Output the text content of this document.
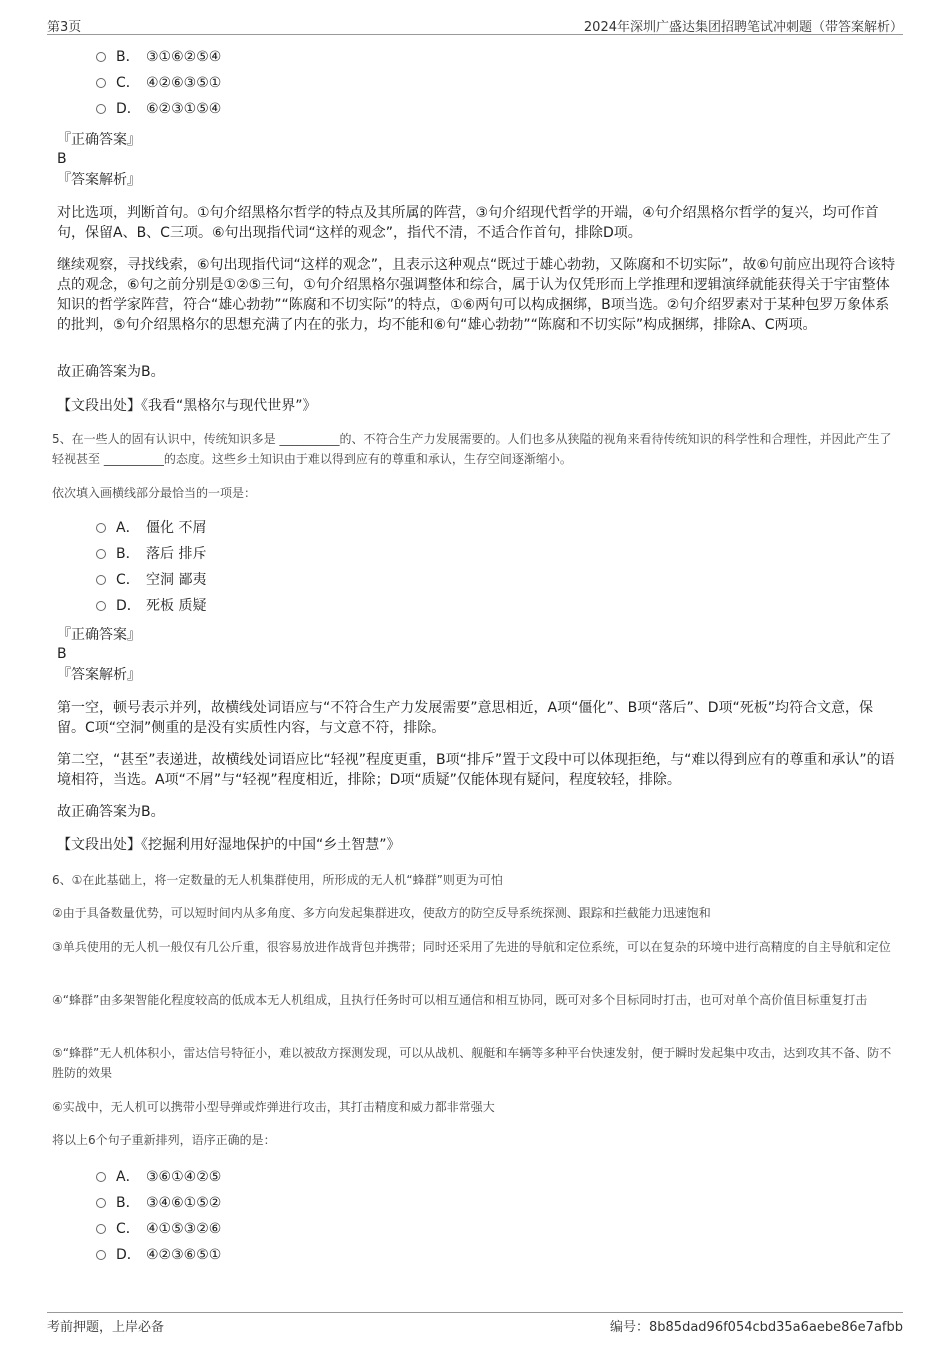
第3页	2024年深圳广盛达集团招聘笔试冲刺题（带答案解析）
B． ③①⑥②⑤④
C． ④②⑥③⑤①
D． ⑥②③①⑤④
『正确答案』
B
『答案解析』
对比选项，判断首句。①句介绍黑格尔哲学的特点及其所属的阵营，③句介绍现代哲学的开端，④句介绍黑格尔哲学的复兴，均可作首句，保留A、B、C三项。⑥句出现指代词“这样的观念”，指代不清，不适合作首句，排除D项。
继续观察，寻找线索，⑥句出现指代词“这样的观念”，且表示这种观点“既过于雄心勃勃，又陈腐和不切实际”，故⑥句前应出现符合该特点的观念，⑥句之前分别是①②⑤三句，①句介绍黑格尔强调整体和综合，属于认为仅凭形而上学推理和逻辑演绎就能获得关于宇宙整体知识的哲学家阵营，符合“雄心勃勃”“陈腐和不切实际”的特点，①⑥两句可以构成捆绑，B项当选。②句介绍罗素对于某种包罗万象体系的批判，⑤句介绍黑格尔的思想充满了内在的张力，均不能和⑥句“雄心勃勃”“陈腐和不切实际”构成捆绑，排除A、C两项。
故正确答案为B。
【文段出处】《我看“黑格尔与现代世界”》
5、在一些人的固有认识中，传统知识多是 __________的、不符合生产力发展需要的。人们也多从狭隘的视角来看待传统知识的科学性和合理性，并因此产生了轻视甚至 __________的态度。这些乡土知识由于难以得到应有的尊重和承认，生存空间逐渐缩小。
依次填入画横线部分最恰当的一项是：
A． 僵化 不屑
B． 落后 排斥
C． 空洞 鄙夷
D． 死板 质疑
『正确答案』
B
『答案解析』
第一空，顿号表示并列，故横线处词语应与“不符合生产力发展需要”意思相近，A项“僵化”、B项“落后”、D项“死板”均符合文意，保留。C项“空洞”侧重的是没有实质性内容，与文意不符，排除。
第二空，“甚至”表递进，故横线处词语应比“轻视”程度更重，B项“排斥”置于文段中可以体现拒绝，与“难以得到应有的尊重和承认”的语境相符，当选。A项“不屑”与“轻视”程度相近，排除；D项“质疑”仅能体现有疑问，程度较轻，排除。
故正确答案为B。
【文段出处】《挖掘利用好湿地保护的中国“乡土智慧”》
6、①在此基础上，将一定数量的无人机集群使用，所形成的无人机“蜂群”则更为可怕
②由于具备数量优势，可以短时间内从多角度、多方向发起集群进攻，使敌方的防空反导系统探测、跟踪和拦截能力迅速饱和
③单兵使用的无人机一般仅有几公斤重，很容易放进作战背包并携带；同时还采用了先进的导航和定位系统，可以在复杂的环境中进行高精度的自主导航和定位
④“蜂群”由多架智能化程度较高的低成本无人机组成，且执行任务时可以相互通信和相互协同，既可对多个目标同时打击，也可对单个高价值目标重复打击
⑤“蜂群”无人机体积小，雷达信号特征小，难以被敌方探测发现，可以从战机、舰艇和车辆等多种平台快速发射，便于瞬时发起集中攻击，达到攻其不备、防不胜防的效果
⑥实战中，无人机可以携带小型导弹或炸弹进行攻击，其打击精度和威力都非常强大
将以上6个句子重新排列，语序正确的是：
A． ③⑥①④②⑤
B． ③④⑥①⑤②
C． ④①⑤③②⑥
D． ④②③⑥⑤①
考前押题，上岸必备	编号：8b85dad96f054cbd35a6aebe86e7afbb
